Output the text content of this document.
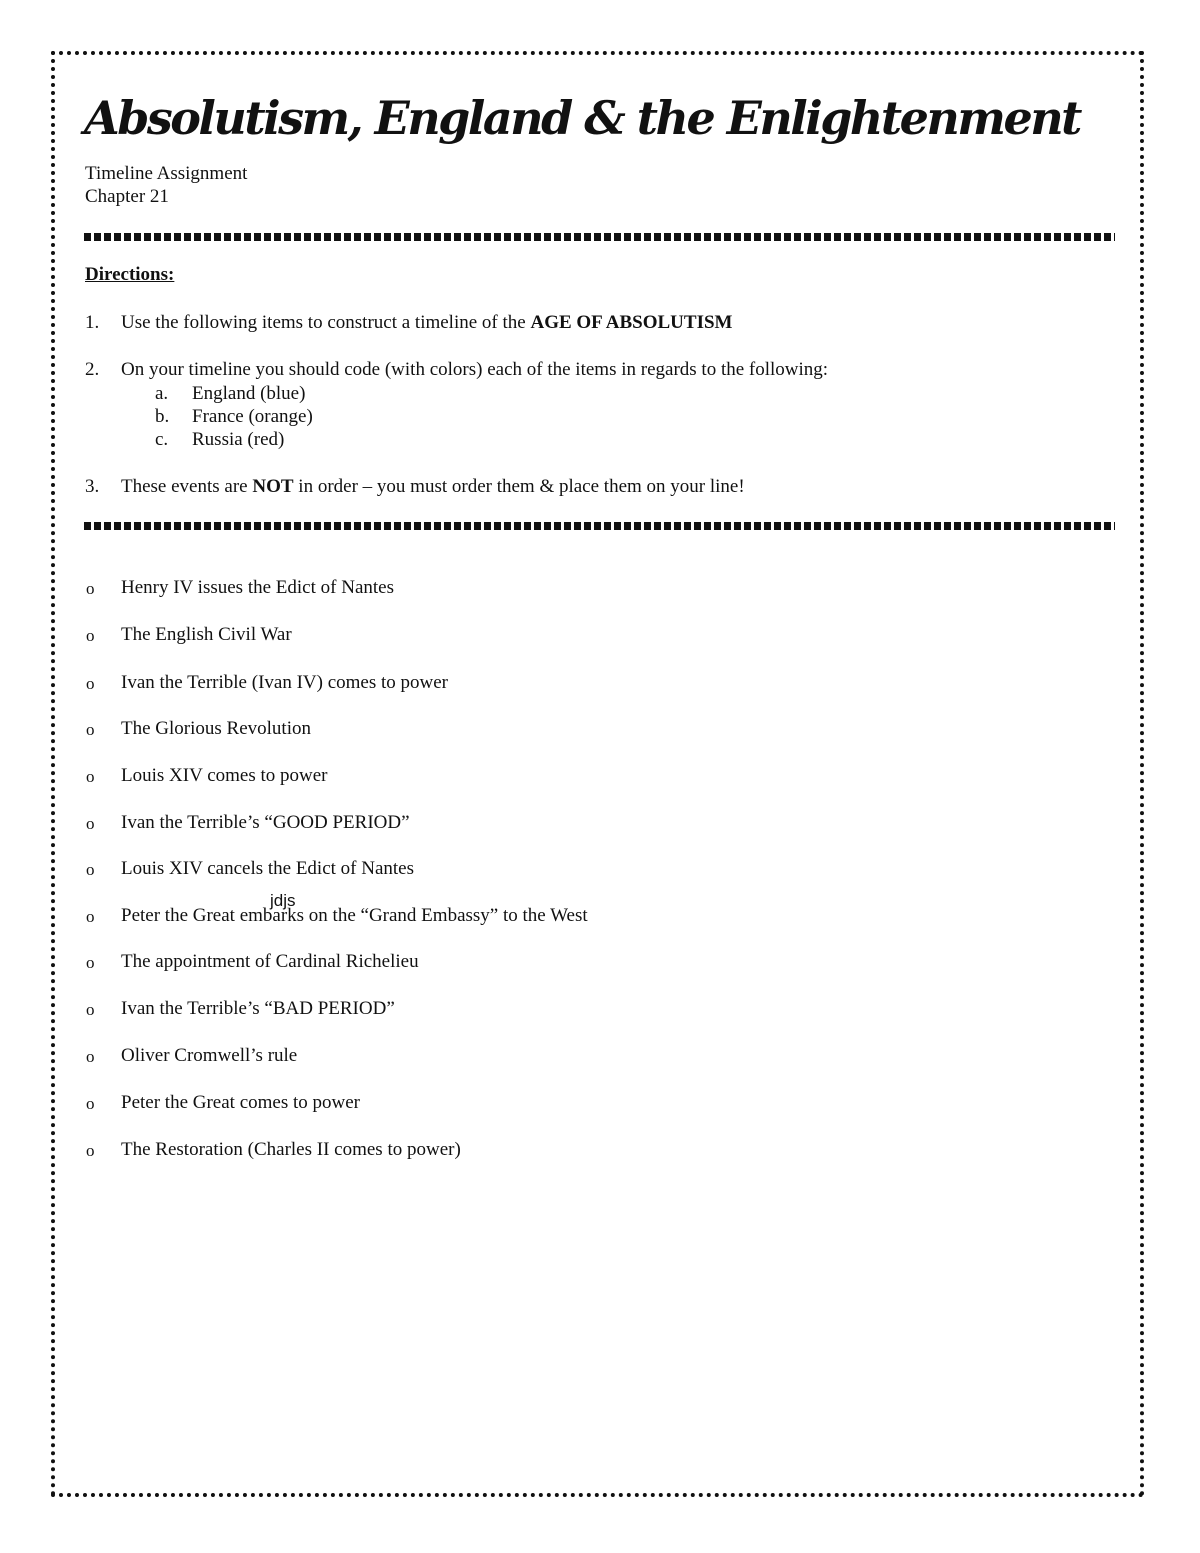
Absolutism, England & the Enlightenment
Timeline Assignment
Chapter 21
Directions:
1. Use the following items to construct a timeline of the AGE OF ABSOLUTISM
2. On your timeline you should code (with colors) each of the items in regards to the following:
a. England (blue)
b. France (orange)
c. Russia (red)
3. These events are NOT in order – you must order them & place them on your line!
o Henry IV issues the Edict of Nantes
o The English Civil War
o Ivan the Terrible (Ivan IV) comes to power
o The Glorious Revolution
o Louis XIV comes to power
o Ivan the Terrible’s “GOOD PERIOD”
o Louis XIV cancels the Edict of Nantes
o Peter the Great embarks on the “Grand Embassy” to the West
o The appointment of Cardinal Richelieu
o Ivan the Terrible’s “BAD PERIOD”
o Oliver Cromwell’s rule
o Peter the Great comes to power
o The Restoration (Charles II comes to power)
jdjs
